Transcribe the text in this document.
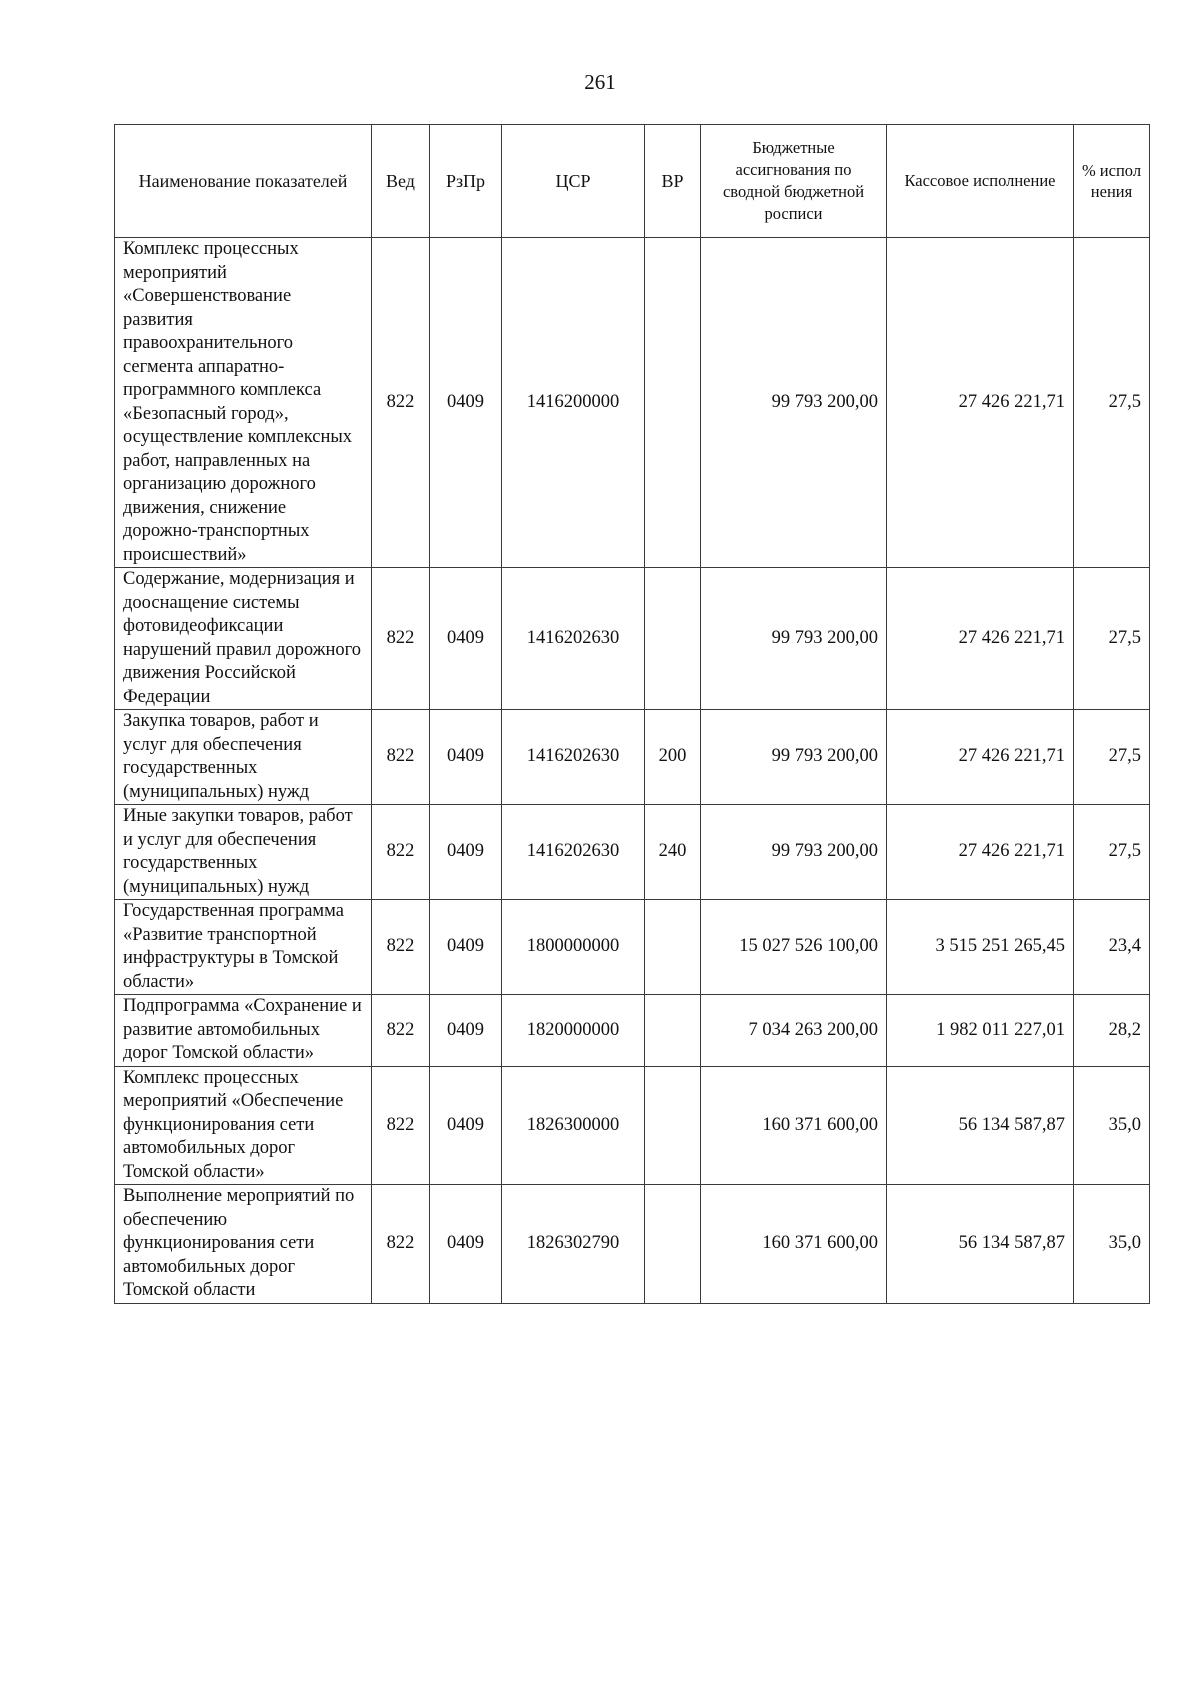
261
Наименование показателей	Вед	РзПр	ЦСР	ВР	Бюджетные ассигнования по сводной бюджетной росписи	Кассовое исполнение	% испол нения
Комплекс процессных мероприятий «Совершенствование развития правоохранительного сегмента аппаратно-программного комплекса «Безопасный город», осуществление комплексных работ, направленных на организацию дорожного движения, снижение дорожно-транспортных происшествий»	822	0409	1416200000		99 793 200,00	27 426 221,71	27,5
Содержание, модернизация и дооснащение системы фотовидеофиксации нарушений правил дорожного движения Российской Федерации	822	0409	1416202630		99 793 200,00	27 426 221,71	27,5
Закупка товаров, работ и услуг для обеспечения государственных (муниципальных) нужд	822	0409	1416202630	200	99 793 200,00	27 426 221,71	27,5
Иные закупки товаров, работ и услуг для обеспечения государственных (муниципальных) нужд	822	0409	1416202630	240	99 793 200,00	27 426 221,71	27,5
Государственная программа «Развитие транспортной инфраструктуры в Томской области»	822	0409	1800000000		15 027 526 100,00	3 515 251 265,45	23,4
Подпрограмма «Сохранение и развитие автомобильных дорог Томской области»	822	0409	1820000000		7 034 263 200,00	1 982 011 227,01	28,2
Комплекс процессных мероприятий «Обеспечение функционирования сети автомобильных дорог Томской области»	822	0409	1826300000		160 371 600,00	56 134 587,87	35,0
Выполнение мероприятий по обеспечению функционирования сети автомобильных дорог Томской области	822	0409	1826302790		160 371 600,00	56 134 587,87	35,0
